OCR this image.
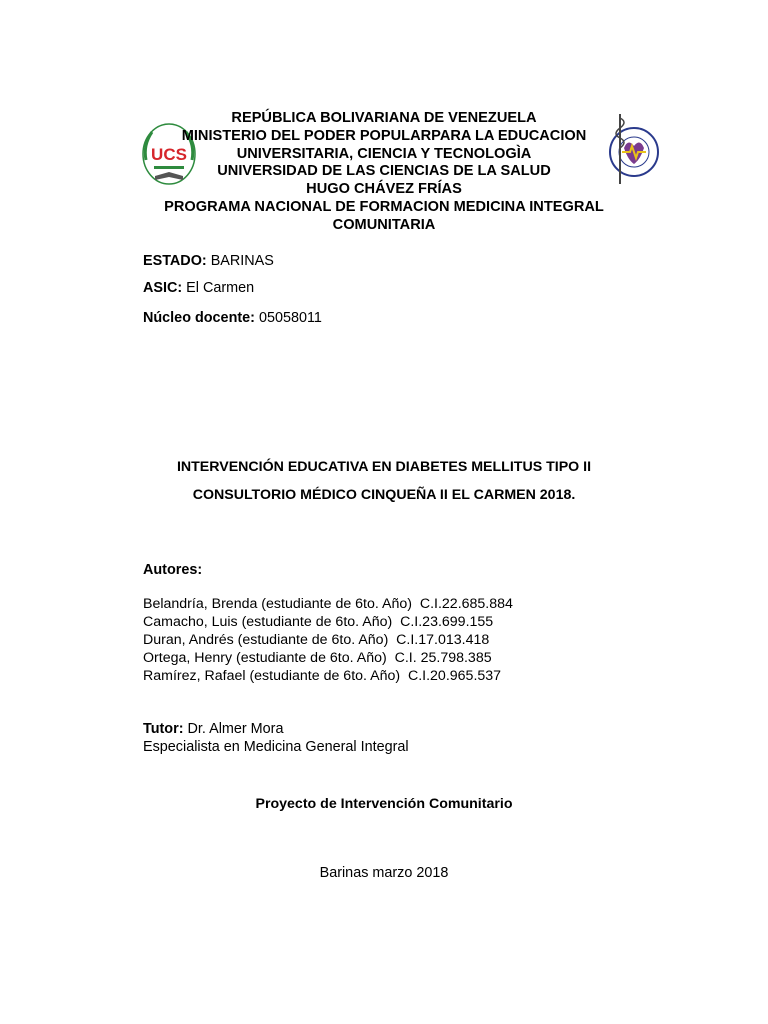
UCS

REPÚBLICA BOLIVARIANA DE VENEZUELA

MINISTERIO DEL PODER POPULARPARA LA EDUCACION

UNIVERSITARIA, CIENCIA Y TECNOLOGÌA

UNIVERSIDAD DE LAS CIENCIAS DE LA SALUD

HUGO CHÁVEZ FRÍAS

PROGRAMA NACIONAL DE FORMACION MEDICINA INTEGRAL

COMUNITARIA

ESTADO: BARINAS
ASIC: El Carmen
Núcleo docente: 05058011
INTERVENCIÓN EDUCATIVA EN DIABETES MELLITUS TIPO II
CONSULTORIO MÉDICO CINQUEÑA II EL CARMEN 2018.
Autores:
Belandría, Brenda (estudiante de 6to. Año)  C.I.22.685.884
Camacho, Luis (estudiante de 6to. Año)  C.I.23.699.155
Duran, Andrés (estudiante de 6to. Año)  C.I.17.013.418
Ortega, Henry (estudiante de 6to. Año)  C.I. 25.798.385
Ramírez, Rafael (estudiante de 6to. Año)  C.I.20.965.537
Tutor: Dr. Almer Mora
Especialista en Medicina General Integral
Proyecto de Intervención Comunitario
Barinas marzo 2018
